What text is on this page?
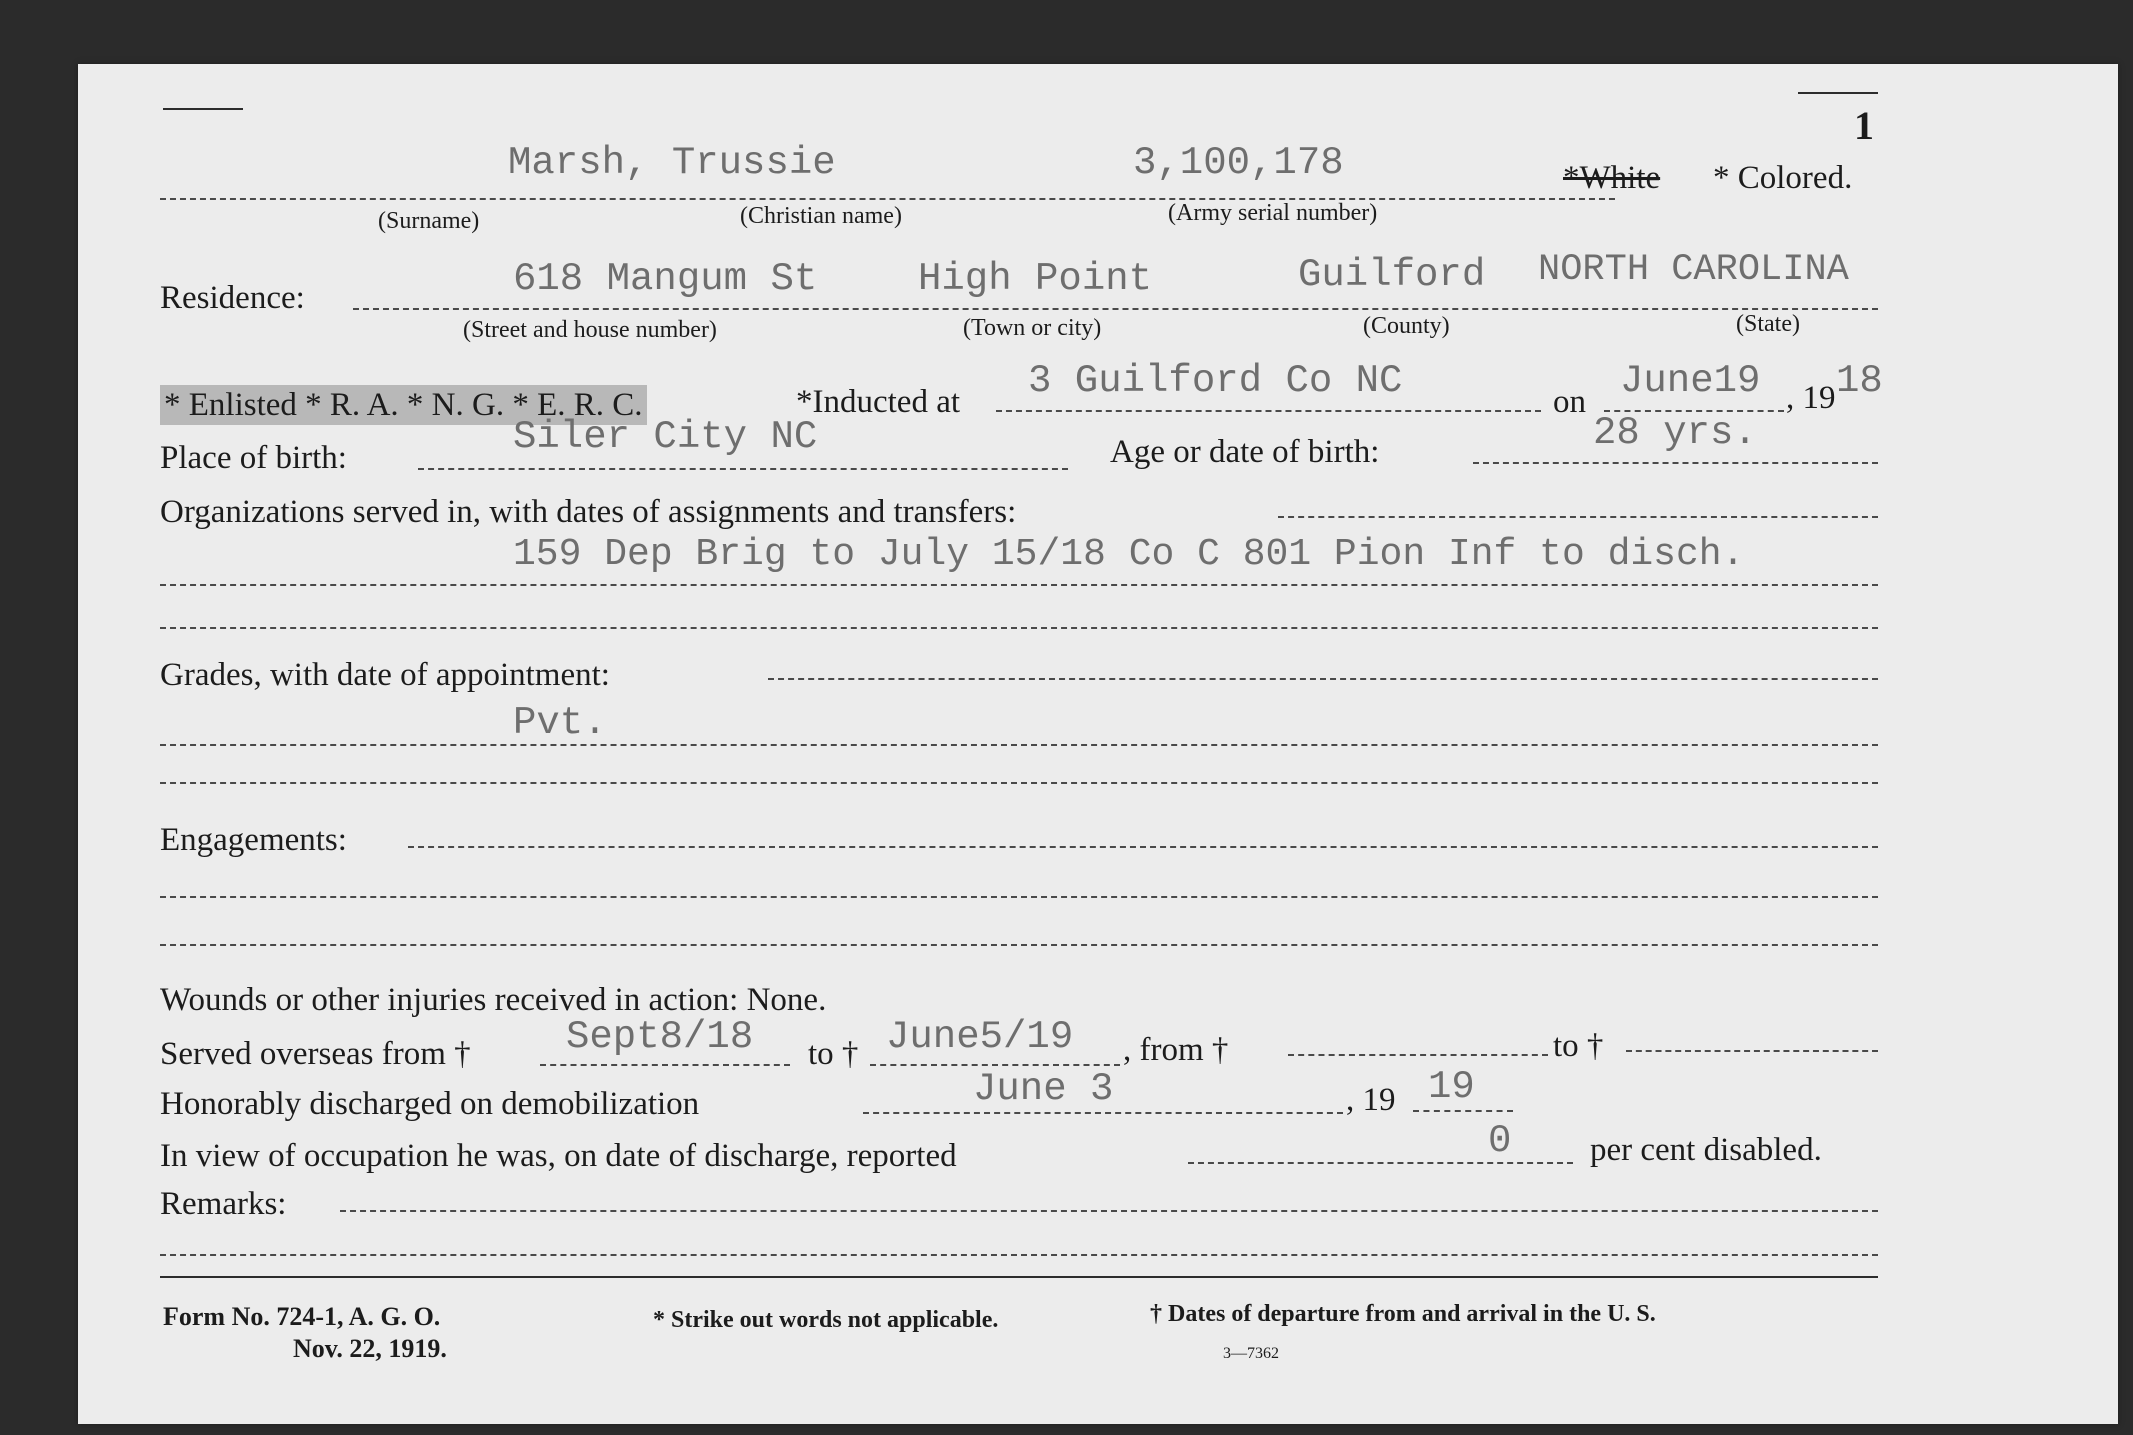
1
Marsh, Trussie	3,100,178	*White * Colored.
(Surname)	(Christian name)	(Army serial number)
Residence:	618 Mangum St	High Point	Guilford NORTH CAROLINA
(Street and house number)	(Town or city)	(County)	(State)
* Enlisted * R. A. * N. G. * E. R. C.	*Inducted at 3 Guilford Co NC	on June19 , 19 18
Place of birth:	Siler City NC	Age or date of birth:	28 yrs.
Organizations served in, with dates of assignments and transfers:
159 Dep Brig to July 15/18 Co C 801 Pion Inf to disch.
Grades, with date of appointment:
Pvt.
Engagements:
Wounds or other injuries received in action: None.
Served overseas from † Sept8/18 to † June5/19 , from †	to †
Honorably discharged on demobilization	June 3	, 19 19
In view of occupation he was, on date of discharge, reported	0 per cent disabled.
Remarks:
Form No. 724-1, A. G. O.
Nov. 22, 1919.
* Strike out words not applicable.	† Dates of departure from and arrival in the U. S.
3—7362
